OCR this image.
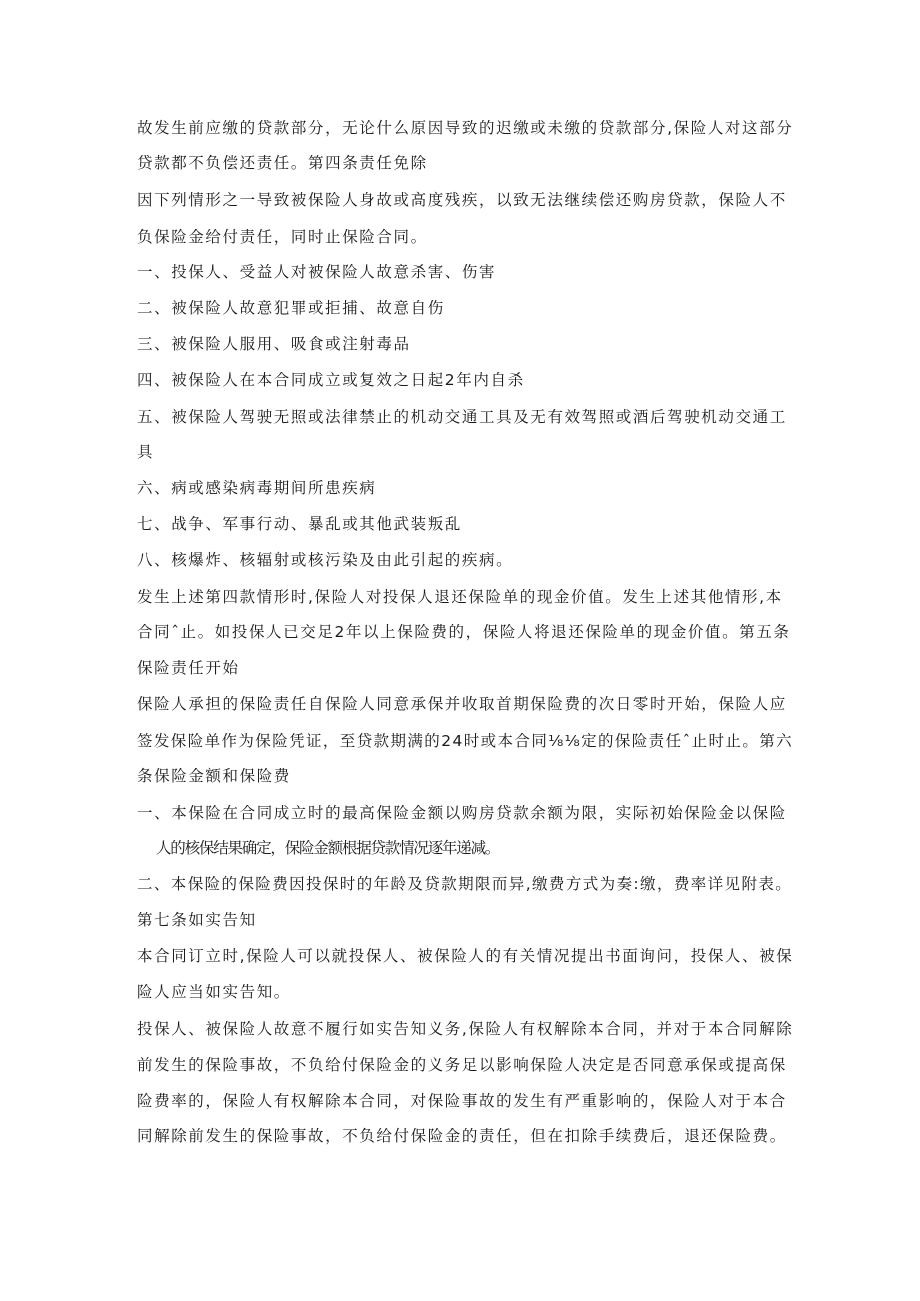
故发生前应缴的贷款部分，无论什么原因导致的迟缴或未缴的贷款部分,保险人对这部分
贷款都不负偿还责任。第四条责任免除
因下列情形之一导致被保险人身故或高度残疾，以致无法继续偿还购房贷款，保险人不
负保险金给付责任，同时止保险合同。
一、投保人、受益人对被保险人故意杀害、伤害
二、被保险人故意犯罪或拒捕、故意自伤
三、被保险人服用、吸食或注射毒品
四、被保险人在本合同成立或复效之日起2年内自杀
五、被保险人驾驶无照或法律禁止的机动交通工具及无有效驾照或酒后驾驶机动交通工
具
六、病或感染病毒期间所患疾病
七、战争、军事行动、暴乱或其他武装叛乱
八、核爆炸、核辐射或核污染及由此引起的疾病。
发生上述第四款情形时,保险人对投保人退还保险单的现金价值。发生上述其他情形,本
合同ˆ止。如投保人已交足2年以上保险费的，保险人将退还保险单的现金价值。第五条
保险责任开始
保险人承担的保险责任自保险人同意承保并收取首期保险费的次日零时开始，保险人应
签发保险单作为保险凭证，至贷款期满的24时或本合同⅛⅛定的保险责任ˆ止时止。第六
条保险金额和保险费
一、本保险在合同成立时的最高保险金额以购房贷款余额为限，实际初始保险金以保险
人的核保结果确定，保险金额根据贷款情况逐年递减。
二、本保险的保险费因投保时的年龄及贷款期限而异,缴费方式为奏:缴，费率详见附表。
第七条如实告知
本合同订立时,保险人可以就投保人、被保险人的有关情况提出书面询问，投保人、被保
险人应当如实告知。
投保人、被保险人故意不履行如实告知义务,保险人有权解除本合同，并对于本合同解除
前发生的保险事故，不负给付保险金的义务足以影响保险人决定是否同意承保或提高保
险费率的，保险人有权解除本合同，对保险事故的发生有严重影响的，保险人对于本合
同解除前发生的保险事故，不负给付保险金的责任，但在扣除手续费后，退还保险费。
